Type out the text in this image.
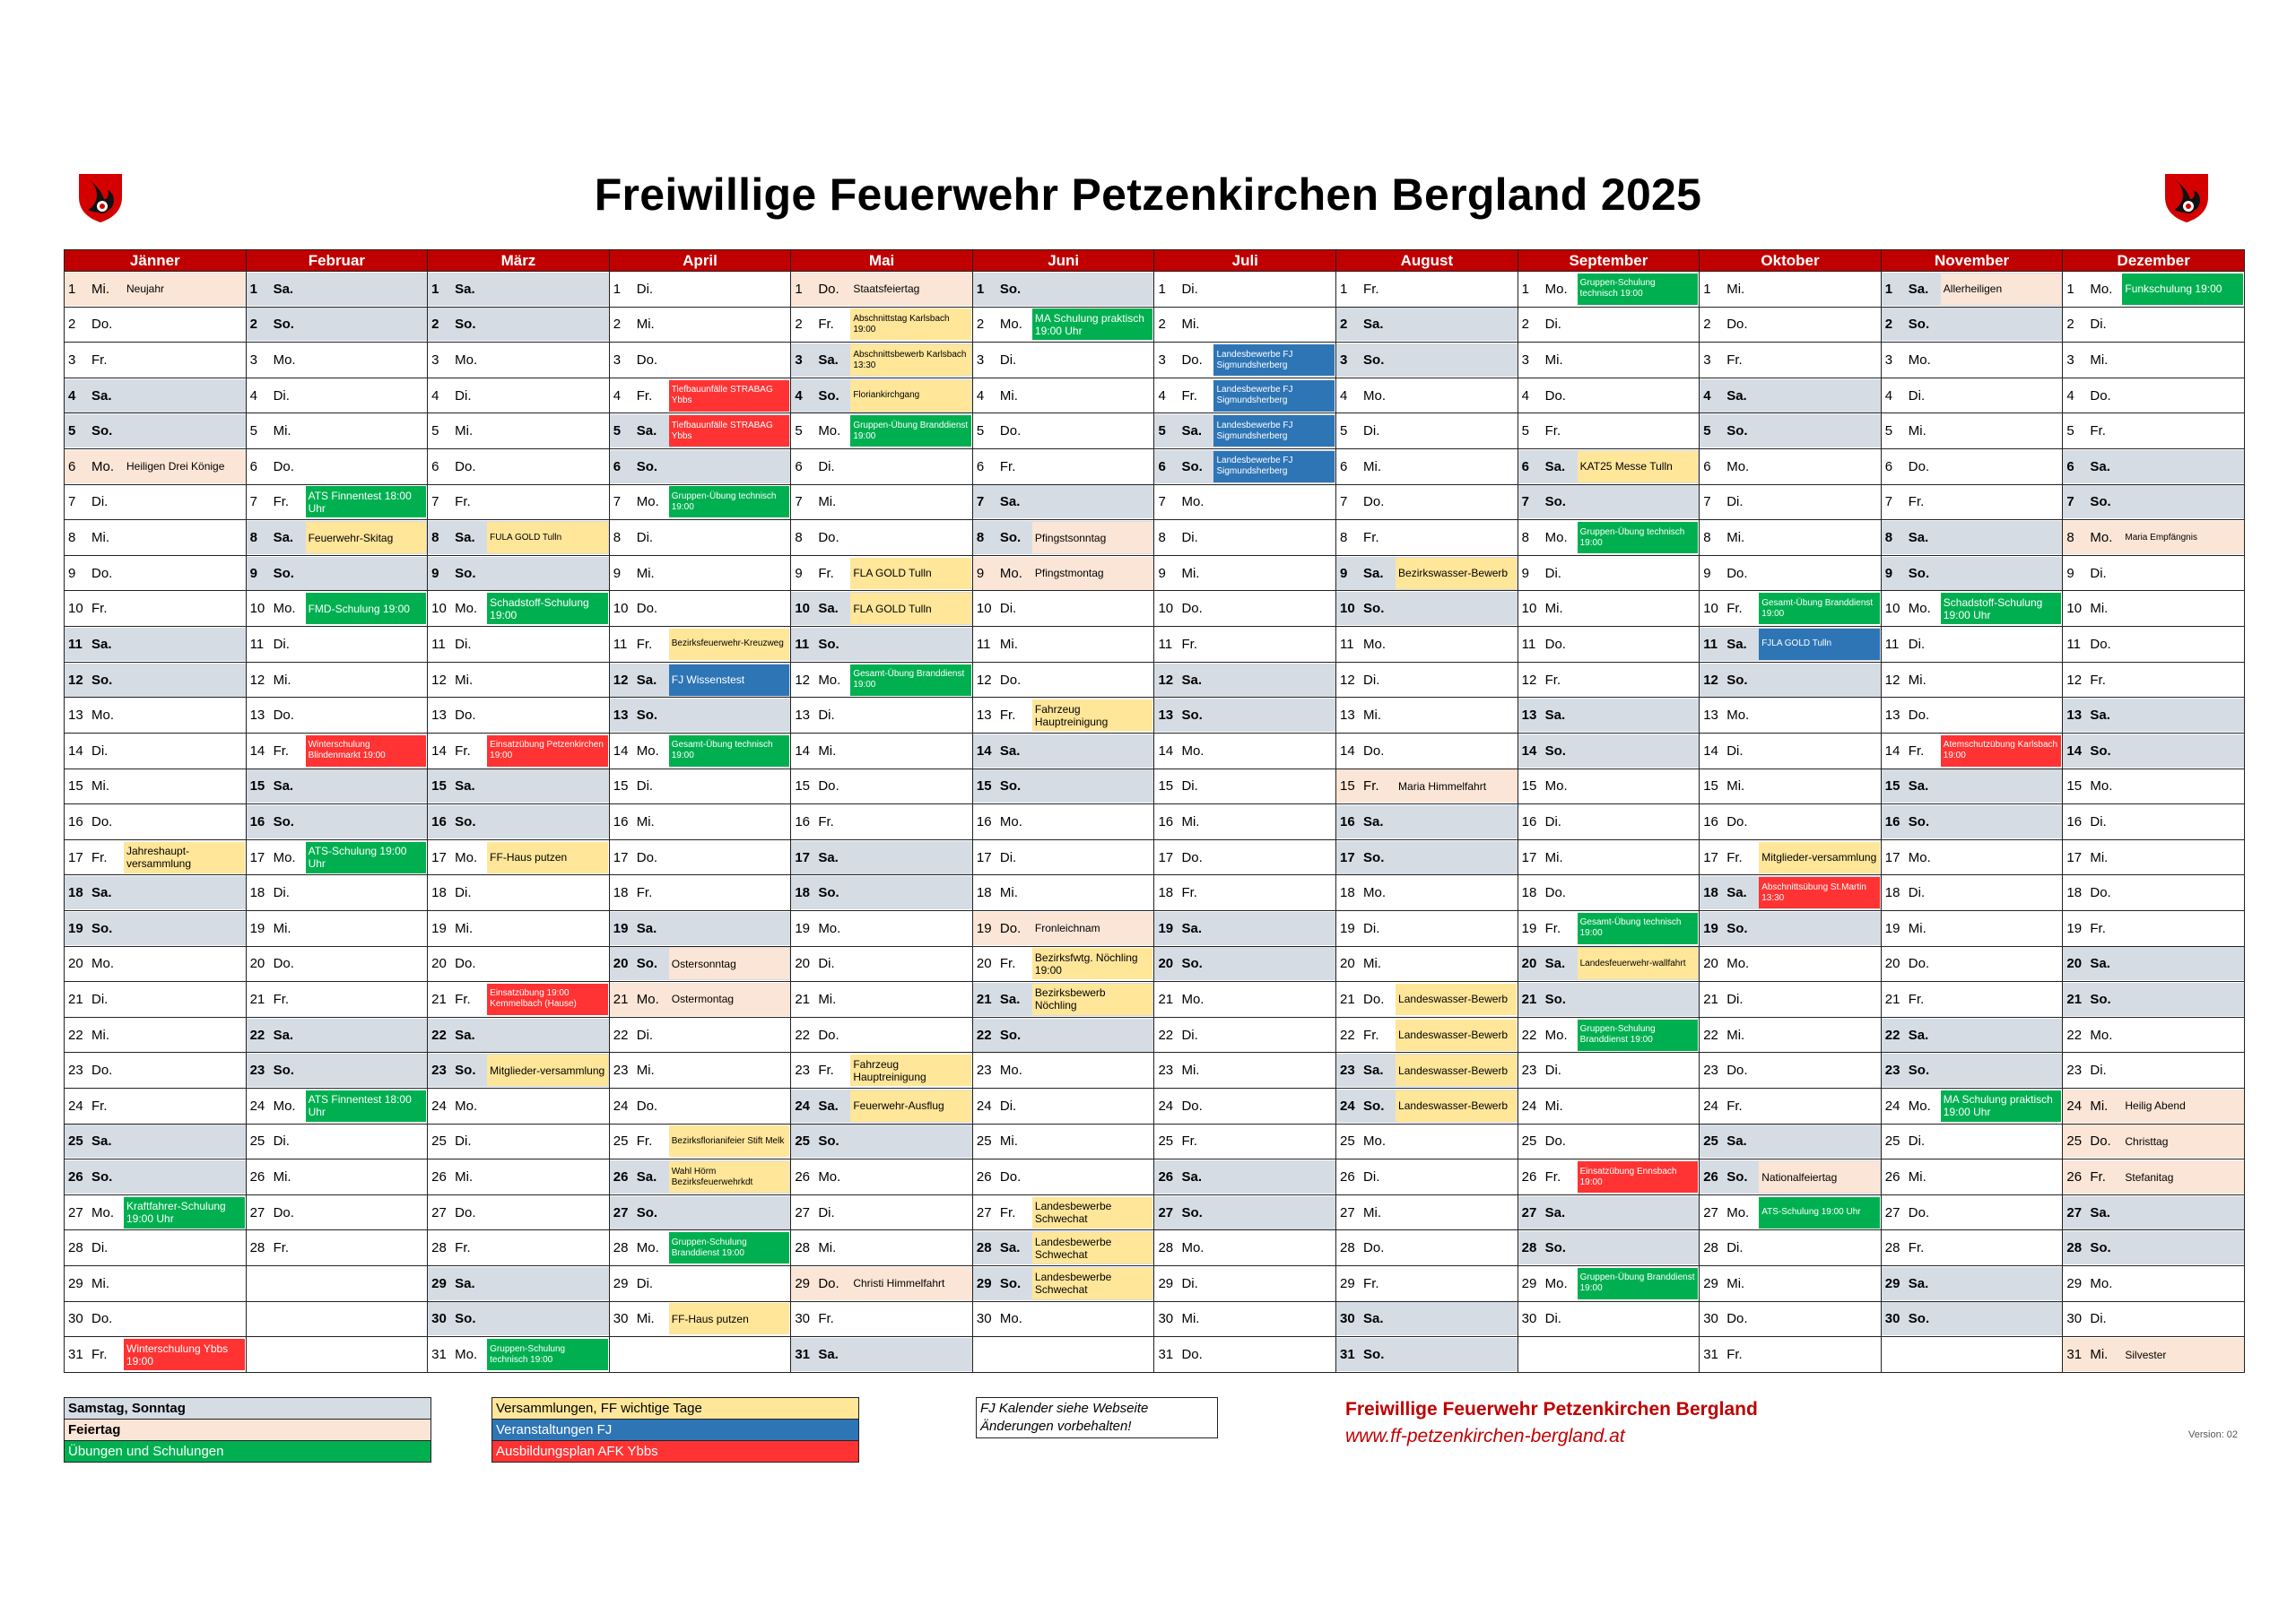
Freiwillige Feuerwehr Petzenkirchen Bergland 2025
Jänner	Februar	März	April	Mai	Juni	Juli	August	September	Oktober	November	Dezember

1 Mi. Neujahr	1 Sa.	1 Sa.	1 Di.	1 Do. Staatsfeiertag	1 So.	1 Di.	1 Fr.	1 Mo. Gruppen-Schulung technisch 19:00	1 Mi.	1 Sa. Allerheiligen	1 Mo. Funkschulung 19:00

2 Do.	2 So.	2 So.	2 Mi.	2 Fr. Abschnittstag Karlsbach 19:00	2 Mo. MA Schulung praktisch 19:00 Uhr	2 Mi.	2 Sa.	2 Di.	2 Do.	2 So.	2 Di.

3 Fr.	3 Mo.	3 Mo.	3 Do.	3 Sa. Abschnittsbewerb Karlsbach 13:30	3 Di.	3 Do. Landesbewerbe FJ Sigmundsherberg	3 So.	3 Mi.	3 Fr.	3 Mo.	3 Mi.

4 Sa.	4 Di.	4 Di.	4 Fr. Tiefbauunfälle STRABAG Ybbs	4 So. Floriankirchgang	4 Mi.	4 Fr. Landesbewerbe FJ Sigmundsherberg	4 Mo.	4 Do.	4 Sa.	4 Di.	4 Do.

5 So.	5 Mi.	5 Mi.	5 Sa. Tiefbauunfälle STRABAG Ybbs	5 Mo. Gruppen-Übung Branddienst 19:00	5 Do.	5 Sa. Landesbewerbe FJ Sigmundsherberg	5 Di.	5 Fr.	5 So.	5 Mi.	5 Fr.

6 Mo. Heiligen Drei Könige	6 Do.	6 Do.	6 So.	6 Di.	6 Fr.	6 So. Landesbewerbe FJ Sigmundsherberg	6 Mi.	6 Sa. KAT25 Messe Tulln	6 Mo.	6 Do.	6 Sa.

7 Di.	7 Fr. ATS Finnentest 18:00 Uhr	7 Fr.	7 Mo. Gruppen-Übung technisch 19:00	7 Mi.	7 Sa.	7 Mo.	7 Do.	7 So.	7 Di.	7 Fr.	7 So.

8 Mi.	8 Sa. Feuerwehr-Skitag	8 Sa. FULA GOLD Tulln	8 Di.	8 Do.	8 So. Pfingstsonntag	8 Di.	8 Fr.	8 Mo. Gruppen-Übung technisch 19:00	8 Mi.	8 Sa.	8 Mo. Maria Empfängnis

9 Do.	9 So.	9 So.	9 Mi.	9 Fr. FLA GOLD Tulln	9 Mo. Pfingstmontag	9 Mi.	9 Sa. Bezirkswasser-Bewerb	9 Di.	9 Do.	9 So.	9 Di.

10 Fr.	10 Mo. FMD-Schulung 19:00	10 Mo. Schadstoff-Schulung 19:00	10 Do.	10 Sa. FLA GOLD Tulln	10 Di.	10 Do.	10 So.	10 Mi.	10 Fr. Gesamt-Übung Branddienst 19:00	10 Mo. Schadstoff-Schulung 19:00 Uhr	10 Mi.

11 Sa.	11 Di.	11 Di.	11 Fr. Bezirksfeuerwehr-Kreuzweg	11 So.	11 Mi.	11 Fr.	11 Mo.	11 Do.	11 Sa. FJLA GOLD Tulln	11 Di.	11 Do.

12 So.	12 Mi.	12 Mi.	12 Sa. FJ Wissenstest	12 Mo. Gesamt-Übung Branddienst 19:00	12 Do.	12 Sa.	12 Di.	12 Fr.	12 So.	12 Mi.	12 Fr.

13 Mo.	13 Do.	13 Do.	13 So.	13 Di.	13 Fr. Fahrzeug Hauptreinigung	13 So.	13 Mi.	13 Sa.	13 Mo.	13 Do.	13 Sa.

14 Di.	14 Fr. Winterschulung Blindenmarkt 19:00	14 Fr. Einsatzübung Petzenkirchen 19:00	14 Mo. Gesamt-Übung technisch 19:00	14 Mi.	14 Sa.	14 Mo.	14 Do.	14 So.	14 Di.	14 Fr. Atemschutzübung Karlsbach 19:00	14 So.

15 Mi.	15 Sa.	15 Sa.	15 Di.	15 Do.	15 So.	15 Di.	15 Fr. Maria Himmelfahrt	15 Mo.	15 Mi.	15 Sa.	15 Mo.

16 Do.	16 So.	16 So.	16 Mi.	16 Fr.	16 Mo.	16 Mi.	16 Sa.	16 Di.	16 Do.	16 So.	16 Di.

17 Fr. Jahreshaupt-versammlung	17 Mo. ATS-Schulung 19:00 Uhr	17 Mo. FF-Haus putzen	17 Do.	17 Sa.	17 Di.	17 Do.	17 So.	17 Mi.	17 Fr. Mitglieder-versammlung	17 Mo.	17 Mi.

18 Sa.	18 Di.	18 Di.	18 Fr.	18 So.	18 Mi.	18 Fr.	18 Mo.	18 Do.	18 Sa. Abschnittsübung St.Martin 13:30	18 Di.	18 Do.

19 So.	19 Mi.	19 Mi.	19 Sa.	19 Mo.	19 Do. Fronleichnam	19 Sa.	19 Di.	19 Fr. Gesamt-Übung technisch 19:00	19 So.	19 Mi.	19 Fr.

20 Mo.	20 Do.	20 Do.	20 So. Ostersonntag	20 Di.	20 Fr. Bezirksfwtg. Nöchling 19:00	20 So.	20 Mi.	20 Sa. Landesfeuerwehr-wallfahrt	20 Mo.	20 Do.	20 Sa.

21 Di.	21 Fr.	21 Fr. Einsatzübung 19:00 Kemmelbach (Hause)	21 Mo. Ostermontag	21 Mi.	21 Sa. Bezirksbewerb Nöchling	21 Mo.	21 Do. Landeswasser-Bewerb	21 So.	21 Di.	21 Fr.	21 So.

22 Mi.	22 Sa.	22 Sa.	22 Di.	22 Do.	22 So.	22 Di.	22 Fr. Landeswasser-Bewerb	22 Mo. Gruppen-Schulung Branddienst 19:00	22 Mi.	22 Sa.	22 Mo.

23 Do.	23 So.	23 So. Mitglieder-versammlung	23 Mi.	23 Fr. Fahrzeug Hauptreinigung	23 Mo.	23 Mi.	23 Sa. Landeswasser-Bewerb	23 Di.	23 Do.	23 So.	23 Di.

24 Fr.	24 Mo. ATS Finnentest 18:00 Uhr	24 Mo.	24 Do.	24 Sa. Feuerwehr-Ausflug	24 Di.	24 Do.	24 So. Landeswasser-Bewerb	24 Mi.	24 Fr.	24 Mo. MA Schulung praktisch 19:00 Uhr	24 Mi. Heilig Abend

25 Sa.	25 Di.	25 Di.	25 Fr. Bezirksflorianifeier Stift Melk	25 So.	25 Mi.	25 Fr.	25 Mo.	25 Do.	25 Sa.	25 Di.	25 Do. Christtag

26 So.	26 Mi.	26 Mi.	26 Sa. Wahl Hörm Bezirksfeuerwehrkdt	26 Mo.	26 Do.	26 Sa.	26 Di.	26 Fr. Einsatzübung Ennsbach 19:00	26 So. Nationalfeiertag	26 Mi.	26 Fr. Stefanitag

27 Mo. Kraftfahrer-Schulung 19:00 Uhr	27 Do.	27 Do.	27 So.	27 Di.	27 Fr. Landesbewerbe Schwechat	27 So.	27 Mi.	27 Sa.	27 Mo. ATS-Schulung 19:00 Uhr	27 Do.	27 Sa.

28 Di.	28 Fr.	28 Fr.	28 Mo. Gruppen-Schulung Branddienst 19:00	28 Mi.	28 Sa. Landesbewerbe Schwechat	28 Mo.	28 Do.	28 So.	28 Di.	28 Fr.	28 So.

29 Mi.		29 Sa.	29 Di.	29 Do. Christi Himmelfahrt	29 So. Landesbewerbe Schwechat	29 Di.	29 Fr.	29 Mo. Gruppen-Übung Branddienst 19:00	29 Mi.	29 Sa.	29 Mo.

30 Do.		30 So.	30 Mi. FF-Haus putzen	30 Fr.	30 Mo.	30 Mi.	30 Sa.	30 Di.	30 Do.	30 So.	30 Di.

31 Fr. Winterschulung Ybbs 19:00		31 Mo. Gruppen-Schulung technisch 19:00		31 Sa.		31 Do.	31 So.		31 Fr.		31 Mi. Silvester
Samstag, Sonntag
Feiertag
Übungen und Schulungen
Versammlungen, FF wichtige Tage
Veranstaltungen FJ
Ausbildungsplan AFK Ybbs
FJ Kalender siehe Webseite
Änderungen vorbehalten!
Freiwillige Feuerwehr Petzenkirchen Bergland
www.ff-petzenkirchen-bergland.at	Version: 02
